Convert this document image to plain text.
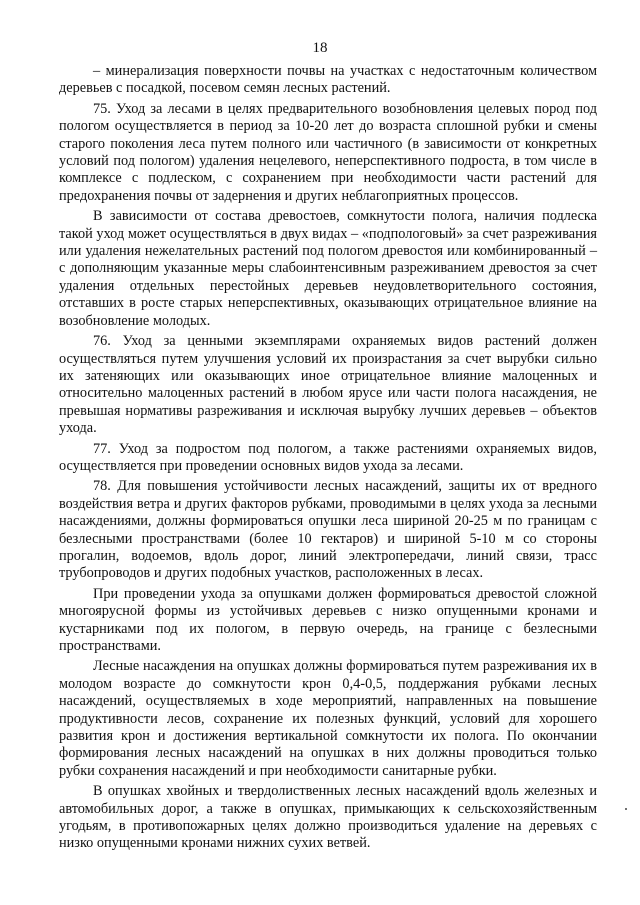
18

– минерализация поверхности почвы на участках с недостаточным количеством деревьев с посадкой, посевом семян лесных растений.

75. Уход за лесами в целях предварительного возобновления целевых пород под пологом осуществляется в период за 10-20 лет до возраста сплошной рубки и смены старого поколения леса путем полного или частичного (в зависимости от конкретных условий под пологом) удаления нецелевого, неперспективного подроста, в том числе в комплексе с подлеском, с сохранением при необходимости части растений для предохранения почвы от задернения и других неблагоприятных процессов.

В зависимости от состава древостоев, сомкнутости полога, наличия подлеска такой уход может осуществляться в двух видах – «подпологовый» за счет разреживания или удаления нежелательных растений под пологом древостоя или комбинированный – с дополняющим указанные меры слабоинтенсивным разреживанием древостоя за счет удаления отдельных перестойных деревьев неудовлетворительного состояния, отставших в росте старых неперспективных, оказывающих отрицательное влияние на возобновление молодых.

76. Уход за ценными экземплярами охраняемых видов растений должен осуществляться путем улучшения условий их произрастания за счет вырубки сильно их затеняющих или оказывающих иное отрицательное влияние малоценных и относительно малоценных растений в любом ярусе или части полога насаждения, не превышая нормативы разреживания и исключая вырубку лучших деревьев – объектов ухода.

77. Уход за подростом под пологом, а также растениями охраняемых видов, осуществляется при проведении основных видов ухода за лесами.

78. Для повышения устойчивости лесных насаждений, защиты их от вредного воздействия ветра и других факторов рубками, проводимыми в целях ухода за лесными насаждениями, должны формироваться опушки леса шириной 20-25 м по границам с безлесными пространствами (более 10 гектаров) и шириной 5-10 м со стороны прогалин, водоемов, вдоль дорог, линий электропередачи, линий связи, трасс трубопроводов и других подобных участков, расположенных в лесах.

При проведении ухода за опушками должен формироваться древостой сложной многоярусной формы из устойчивых деревьев с низко опущенными кронами и кустарниками под их пологом, в первую очередь, на границе с безлесными пространствами.

Лесные насаждения на опушках должны формироваться путем разреживания их в молодом возрасте до сомкнутости крон 0,4-0,5, поддержания рубками лесных насаждений, осуществляемых в ходе мероприятий, направленных на повышение продуктивности лесов, сохранение их полезных функций, условий для хорошего развития крон и достижения вертикальной сомкнутости их полога. По окончании формирования лесных насаждений на опушках в них должны проводиться только рубки сохранения насаждений и при необходимости санитарные рубки.

В опушках хвойных и твердолиственных лесных насаждений вдоль железных и автомобильных дорог, а также в опушках, примыкающих к сельскохозяйственным угодьям, в противопожарных целях должно производиться удаление на деревьях с низко опущенными кронами нижних сухих ветвей.
